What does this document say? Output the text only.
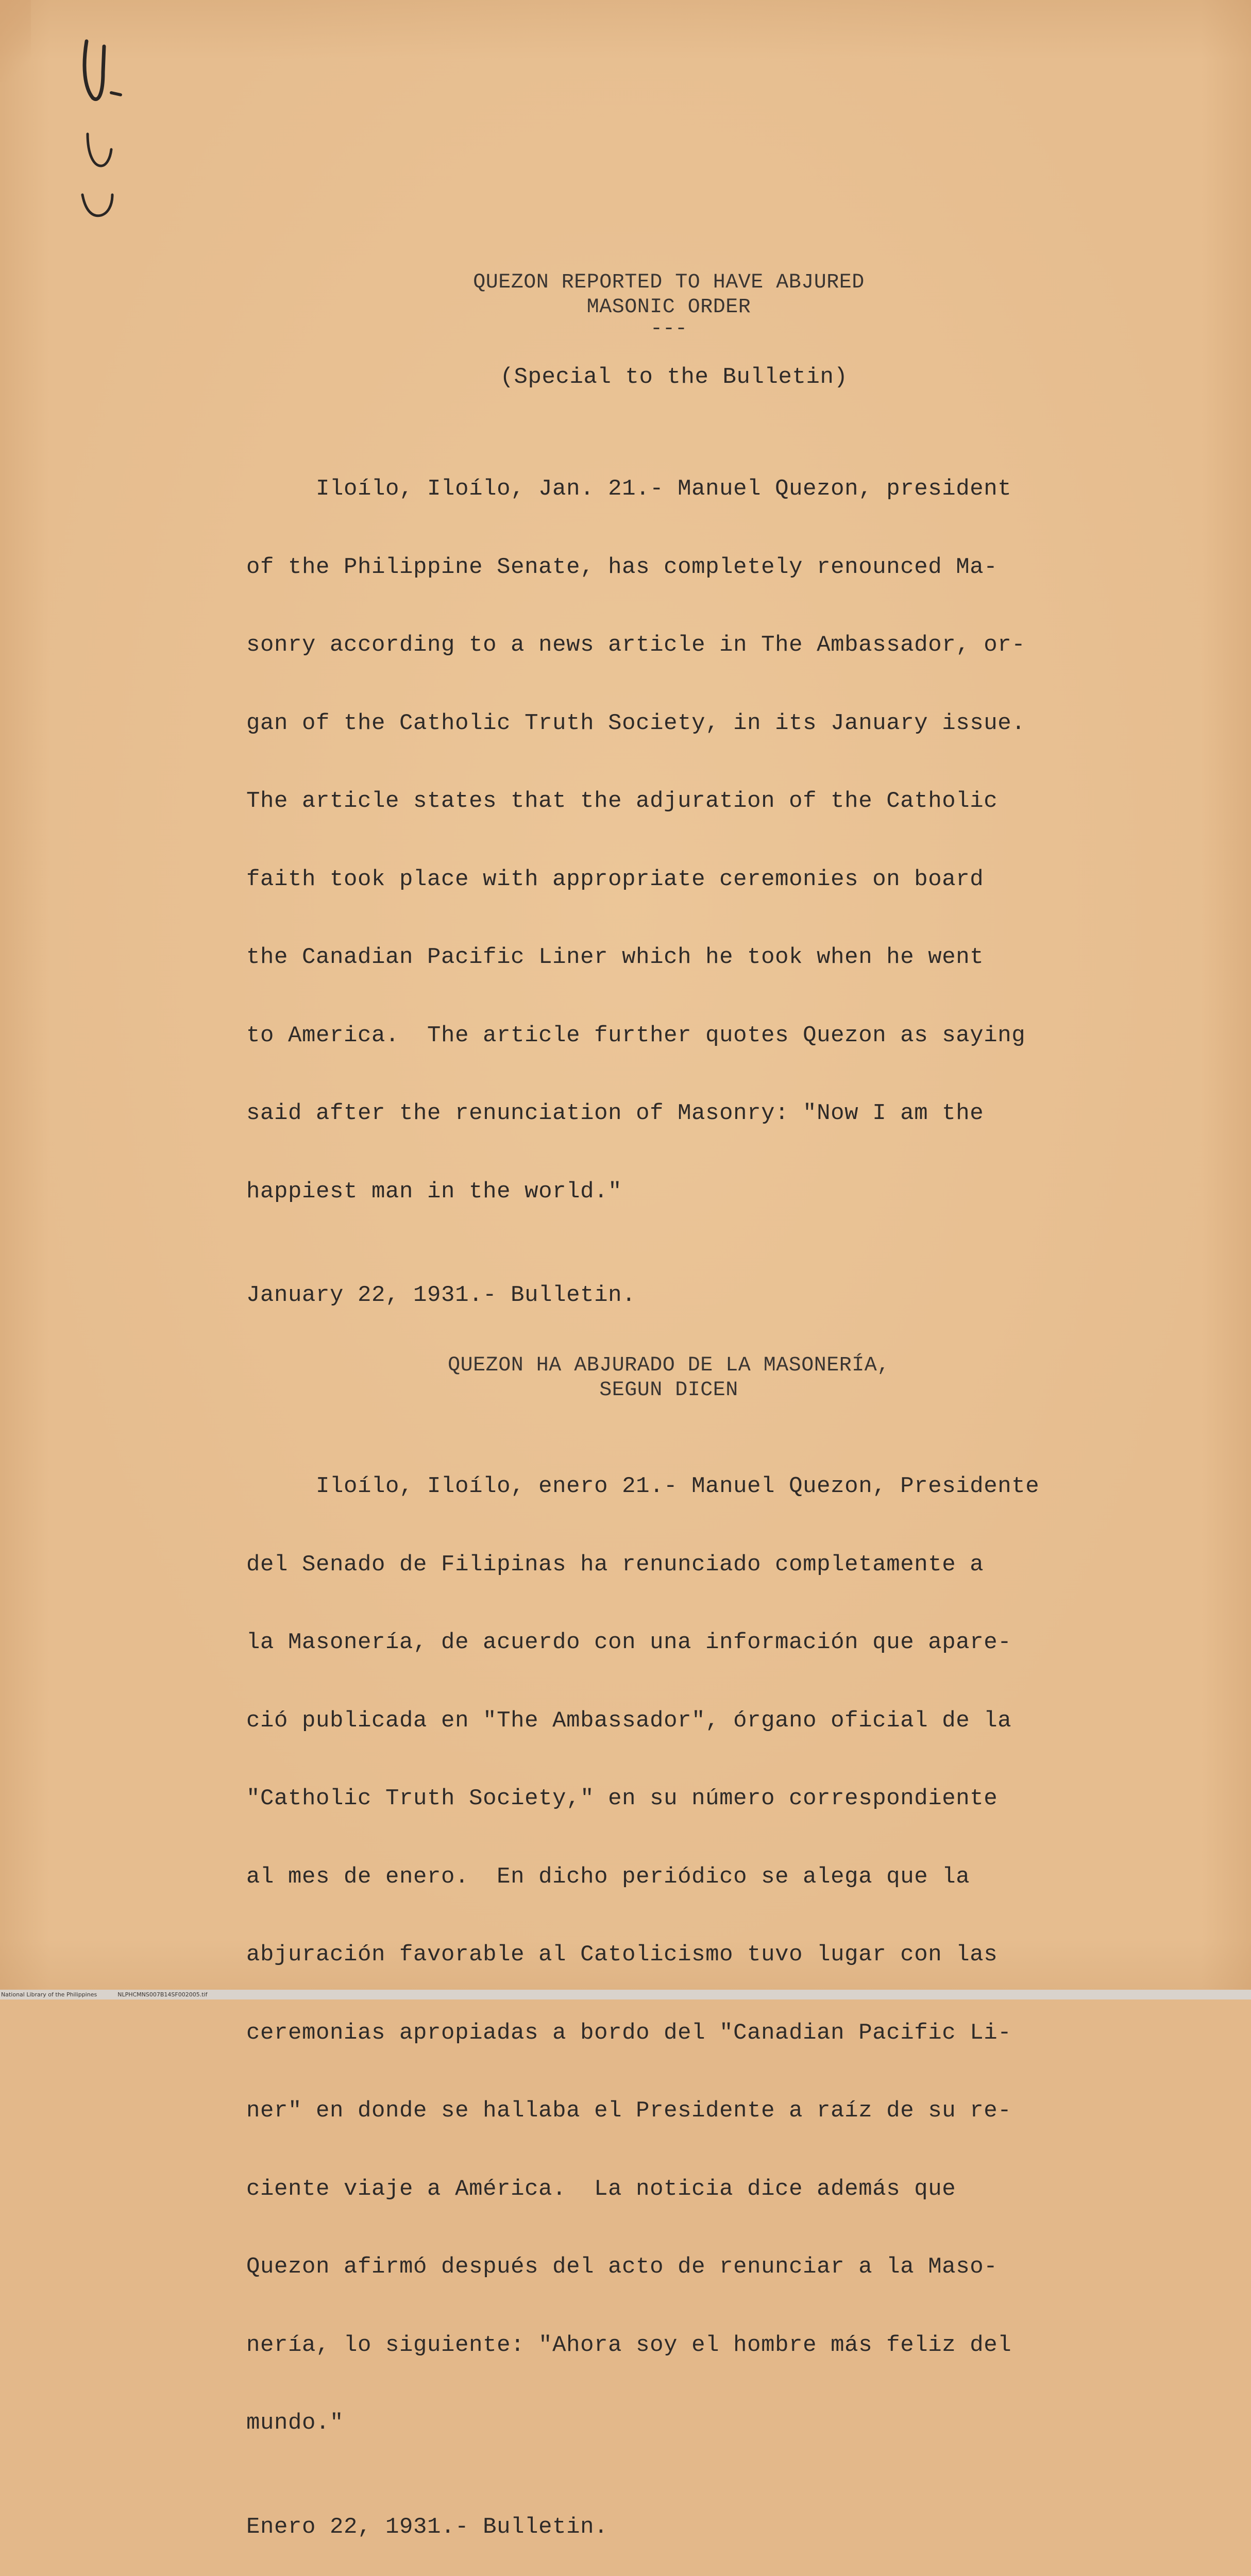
QUEZON REPORTED TO HAVE ABJURED
MASONIC ORDER
---
(Special to the Bulletin)

Iloílo, Iloílo, Jan. 21.- Manuel Quezon, president

of the Philippine Senate, has completely renounced Ma-

sonry according to a news article in The Ambassador, or-

gan of the Catholic Truth Society, in its January issue.

The article states that the adjuration of the Catholic

faith took place with appropriate ceremonies on board

the Canadian Pacific Liner which he took when he went

to America.  The article further quotes Quezon as saying

said after the renunciation of Masonry: "Now I am the

happiest man in the world."

January 22, 1931.- Bulletin.
QUEZON HA ABJURADO DE LA MASONERÍA,
SEGUN DICEN

Iloílo, Iloílo, enero 21.- Manuel Quezon, Presidente

del Senado de Filipinas ha renunciado completamente a

la Masonería, de acuerdo con una información que apare-

ció publicada en "The Ambassador", órgano oficial de la

"Catholic Truth Society," en su número correspondiente

al mes de enero.  En dicho periódico se alega que la

abjuración favorable al Catolicismo tuvo lugar con las

ceremonias apropiadas a bordo del "Canadian Pacific Li-

ner" en donde se hallaba el Presidente a raíz de su re-

ciente viaje a América.  La noticia dice además que

Quezon afirmó después del acto de renunciar a la Maso-

nería, lo siguiente: "Ahora soy el hombre más feliz del

mundo."

Enero 22, 1931.- Bulletin.

National Library of the Philippines	NLPHCMNS007B14SF002005.tif
